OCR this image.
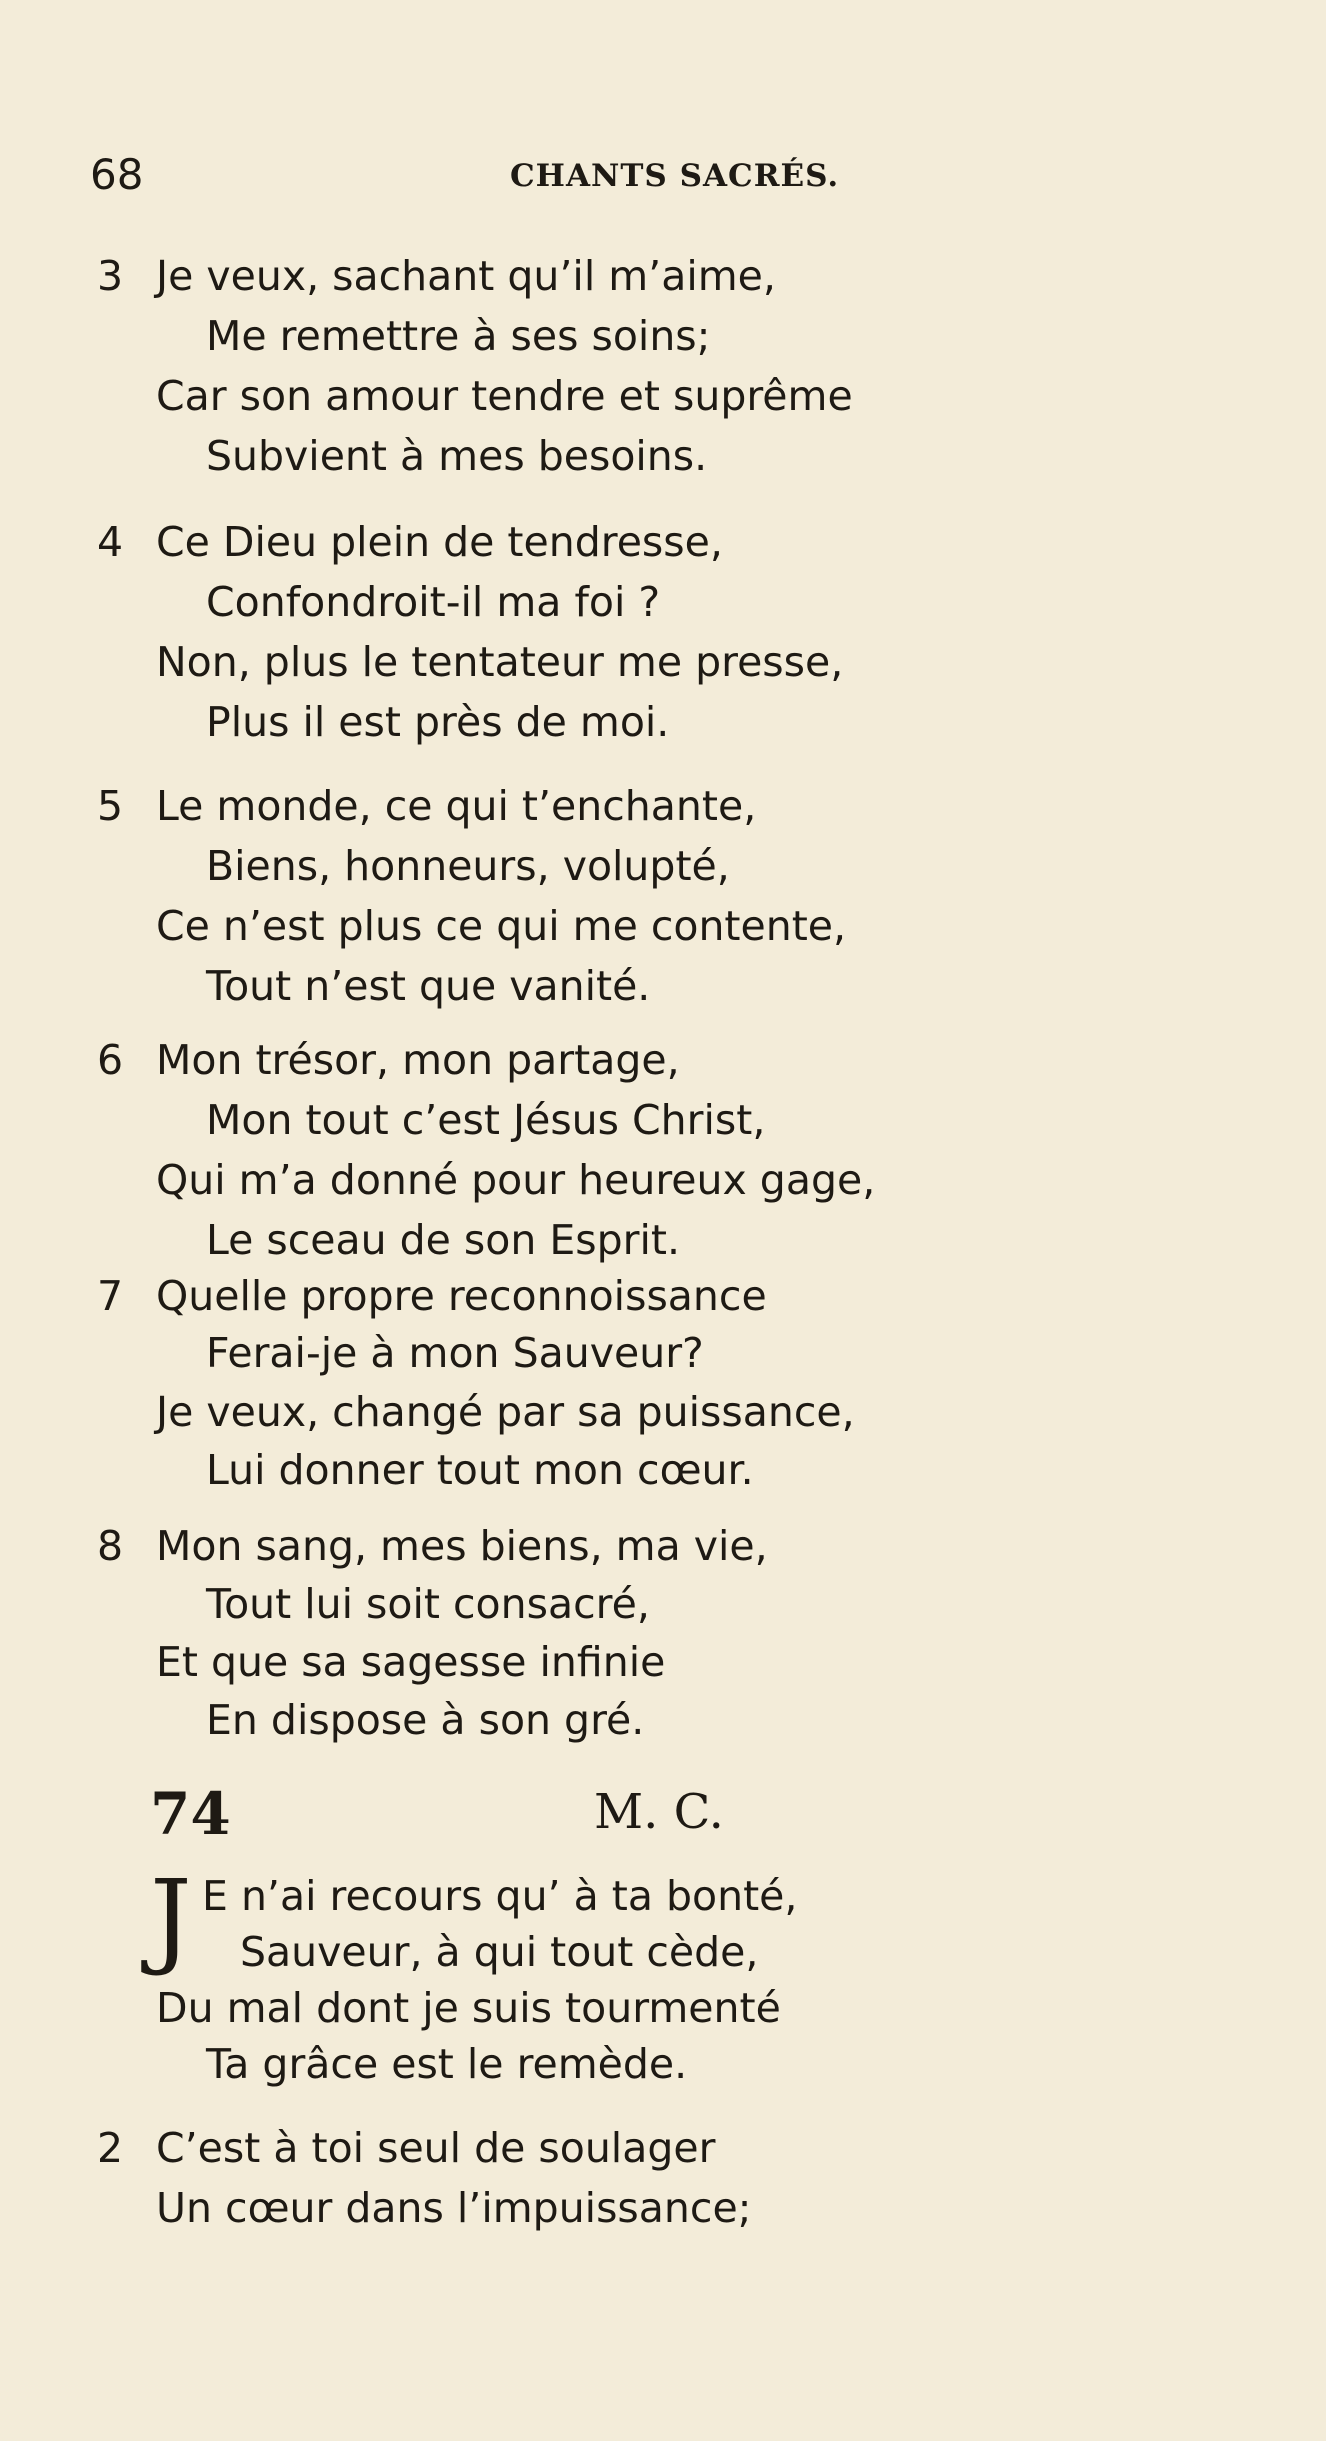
68	CHANTS SACRÉS.
3 Je veux, sachant qu’il m’aime,
Me remettre à ses soins;
Car son amour tendre et suprême
Subvient à mes besoins.
4 Ce Dieu plein de tendresse,
Confondroit-il ma foi ?
Non, plus le tentateur me presse,
Plus il est près de moi.
5 Le monde, ce qui t’enchante,
Biens, honneurs, volupté,
Ce n’est plus ce qui me contente,
Tout n’est que vanité.
6 Mon trésor, mon partage,
Mon tout c’est Jésus Christ,
Qui m’a donné pour heureux gage,
Le sceau de son Esprit.
7 Quelle propre reconnoissance
Ferai-je à mon Sauveur?
Je veux, changé par sa puissance,
Lui donner tout mon cœur.
8 Mon sang, mes biens, ma vie,
Tout lui soit consacré,
Et que sa sagesse infinie
En dispose à son gré.
74	M. C.
J E n’ai recours qu’ à ta bonté,
Sauveur, à qui tout cède,
Du mal dont je suis tourmenté
Ta grâce est le remède.
2 C’est à toi seul de soulager
Un cœur dans l’impuissance;
